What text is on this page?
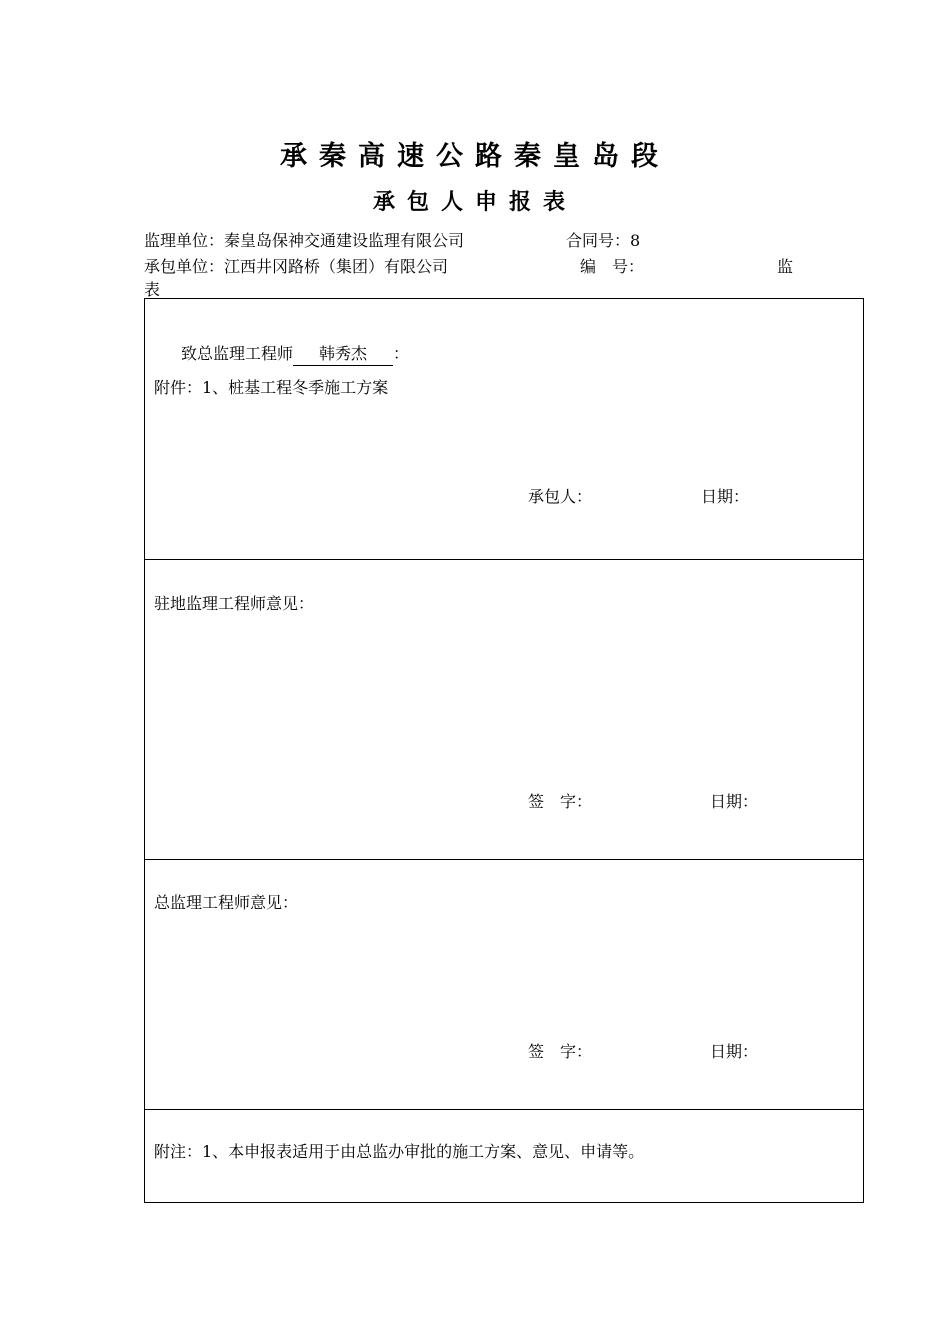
承秦高速公路秦皇岛段
承包人申报表
监理单位：秦皇岛保神交通建设监理有限公司	合同号：8
承包单位：江西井冈路桥（集团）有限公司	编　号：	监
表
致总监理工程师 韩秀杰 ：
附件：1、桩基工程冬季施工方案
承包人：	日期：
驻地监理工程师意见：
签　字：	日期：
总监理工程师意见：
签　字：	日期：
附注：1、本申报表适用于由总监办审批的施工方案、意见、申请等。
